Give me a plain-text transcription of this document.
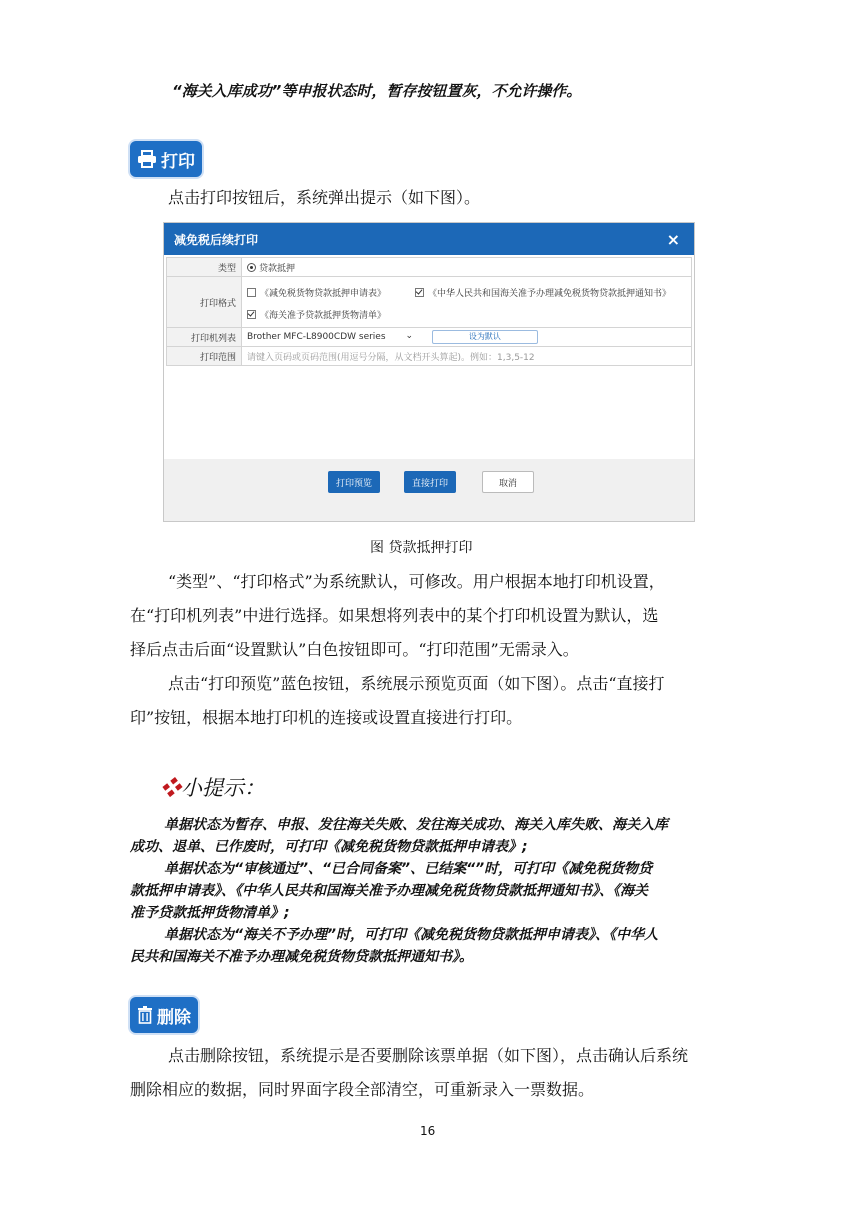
“海关入库成功”等申报状态时，暂存按钮置灰，不允许操作。
打印
点击打印按钮后，系统弹出提示（如下图）。
减免税后续打印	×
类型	贷款抵押
打印格式	《减免税货物贷款抵押申请表》 《中华人民共和国海关准予办理减免税货物贷款抵押通知书》
《海关准予贷款抵押货物清单》

打印机列表	Brother MFC-L8900CDW series ⌄ 设为默认
打印范围	请键入页码或页码范围(用逗号分隔，从文档开头算起)。例如：1,3,5-12
打印预览	直接打印	取消
图 贷款抵押打印
“类型”、“打印格式”为系统默认，可修改。用户根据本地打印机设置，
在“打印机列表”中进行选择。如果想将列表中的某个打印机设置为默认，选
择后点击后面“设置默认”白色按钮即可。“打印范围”无需录入。
点击“打印预览”蓝色按钮，系统展示预览页面（如下图）。点击“直接打
印”按钮，根据本地打印机的连接或设置直接进行打印。
❖小提示：
单据状态为暂存、申报、发往海关失败、发往海关成功、海关入库失败、海关入库
成功、退单、已作废时，可打印《减免税货物贷款抵押申请表》;
单据状态为“审核通过”、“已合同备案”、已结案“”时，可打印《减免税货物贷
款抵押申请表》、《中华人民共和国海关准予办理减免税货物贷款抵押通知书》、《海关
准予贷款抵押货物清单》;
单据状态为“海关不予办理”时，可打印《减免税货物贷款抵押申请表》、《中华人
民共和国海关不准予办理减免税货物贷款抵押通知书》。
删除
点击删除按钮，系统提示是否要删除该票单据（如下图），点击确认后系统
删除相应的数据，同时界面字段全部清空，可重新录入一票数据。
16
